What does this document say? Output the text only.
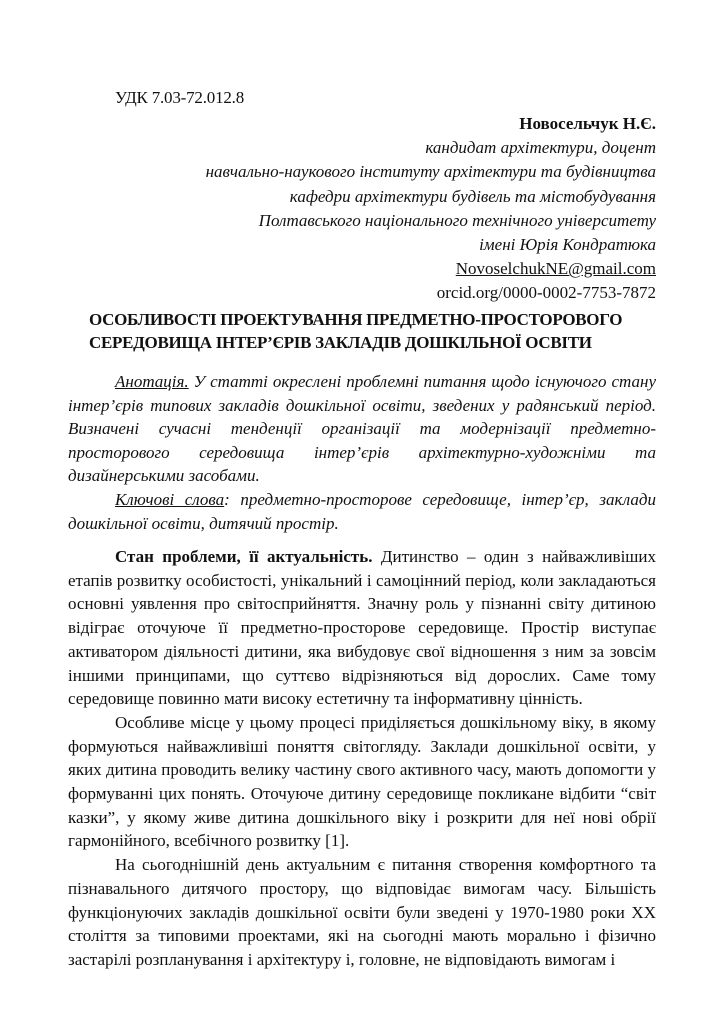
УДК 7.03-72.012.8
Новосельчук Н.Є.
кандидат архітектури, доцент
навчально-наукового інституту архітектури та будівництва
кафедри архітектури будівель та містобудування
Полтавського національного технічного університету
імені Юрія Кондратюка
NovoselchukNE@gmail.com
orcid.org/0000-0002-7753-7872
ОСОБЛИВОСТІ ПРОЕКТУВАННЯ ПРЕДМЕТНО-ПРОСТОРОВОГО
СЕРЕДОВИЩА ІНТЕР’ЄРІВ ЗАКЛАДІВ ДОШКІЛЬНОЇ ОСВІТИ

Анотація. У статті окреслені проблемні питання щодо існуючого стану інтер’єрів типових закладів дошкільної освіти, зведених у радянський період. Визначені сучасні тенденції організації та модернізації предметно-просторового середовища інтер’єрів архітектурно-художніми та дизайнерськими засобами.

Ключові слова: предметно-просторове середовище, інтер’єр, заклади дошкільної освіти, дитячий простір.

Стан проблеми, її актуальність. Дитинство – один з найважливіших етапів розвитку особистості, унікальний і самоцінний період, коли закладаються основні уявлення про світосприйняття. Значну роль у пізнанні світу дитиною відіграє оточуюче її предметно-просторове середовище. Простір виступає активатором діяльності дитини, яка вибудовує свої відношення з ним за зовсім іншими принципами, що суттєво відрізняються від дорослих. Саме тому середовище повинно мати високу естетичну та інформативну цінність.

Особливе місце у цьому процесі приділяється дошкільному віку, в якому формуються найважливіші поняття світогляду. Заклади дошкільної освіти, у яких дитина проводить велику частину свого активного часу, мають допомогти у формуванні цих понять. Оточуюче дитину середовище покликане відбити “світ казки”, у якому живе дитина дошкільного віку і розкрити для неї нові обрії гармонійного, всебічного розвитку [1].

На сьогоднішній день актуальним є питання створення комфортного та пізнавального дитячого простору, що відповідає вимогам часу. Більшість функціонуючих закладів дошкільної освіти були зведені у 1970-1980 роки XX століття за типовими проектами, які на сьогодні мають морально і фізично застарілі розпланування і архітектуру і, головне, не відповідають вимогам і
